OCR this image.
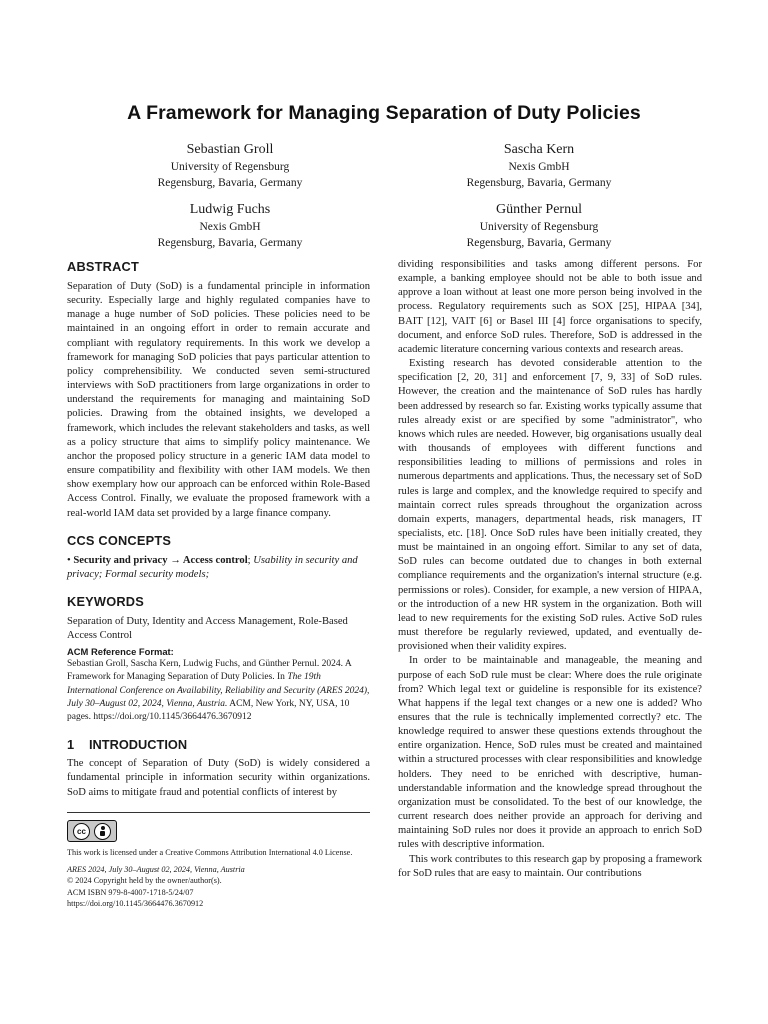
A Framework for Managing Separation of Duty Policies
Sebastian Groll
University of Regensburg
Regensburg, Bavaria, Germany
Sascha Kern
Nexis GmbH
Regensburg, Bavaria, Germany
Ludwig Fuchs
Nexis GmbH
Regensburg, Bavaria, Germany
Günther Pernul
University of Regensburg
Regensburg, Bavaria, Germany
ABSTRACT

Separation of Duty (SoD) is a fundamental principle in information security. Especially large and highly regulated companies have to manage a huge number of SoD policies. These policies need to be maintained in an ongoing effort in order to remain accurate and compliant with regulatory requirements. In this work we develop a framework for managing SoD policies that pays particular attention to policy comprehensibility. We conducted seven semi-structured interviews with SoD practitioners from large organizations in order to understand the requirements for managing and maintaining SoD policies. Drawing from the obtained insights, we developed a framework, which includes the relevant stakeholders and tasks, as well as a policy structure that aims to simplify policy maintenance. We anchor the proposed policy structure in a generic IAM data model to ensure compatibility and flexibility with other IAM models. We then show exemplary how our approach can be enforced within Role-Based Access Control. Finally, we evaluate the proposed framework with a real-world IAM data set provided by a large finance company.

CCS CONCEPTS

• Security and privacy → Access control; Usability in security and privacy; Formal security models;

KEYWORDS

Separation of Duty, Identity and Access Management, Role-Based Access Control

ACM Reference Format:

Sebastian Groll, Sascha Kern, Ludwig Fuchs, and Günther Pernul. 2024. A Framework for Managing Separation of Duty Policies. In The 19th International Conference on Availability, Reliability and Security (ARES 2024), July 30–August 02, 2024, Vienna, Austria. ACM, New York, NY, USA, 10 pages. https://doi.org/10.1145/3664476.3670912

1 INTRODUCTION

The concept of Separation of Duty (SoD) is widely considered a fundamental principle in information security within organizations. SoD aims to mitigate fraud and potential conflicts of interest by

cc
This work is licensed under a Creative Commons Attribution International 4.0 License.
ARES 2024, July 30–August 02, 2024, Vienna, Austria
© 2024 Copyright held by the owner/author(s).
ACM ISBN 979-8-4007-1718-5/24/07
https://doi.org/10.1145/3664476.3670912

dividing responsibilities and tasks among different persons. For example, a banking employee should not be able to both issue and approve a loan without at least one more person being involved in the process. Regulatory requirements such as SOX [25], HIPAA [34], BAIT [12], VAIT [6] or Basel III [4] force organisations to specify, document, and enforce SoD rules. Therefore, SoD is addressed in the academic literature concerning various contexts and research areas.

Existing research has devoted considerable attention to the specification [2, 20, 31] and enforcement [7, 9, 33] of SoD rules. However, the creation and the maintenance of SoD rules has hardly been addressed by research so far. Existing works typically assume that rules already exist or are specified by some "administrator", who knows which rules are needed. However, big organisations usually deal with thousands of employees with different functions and responsibilities leading to millions of permissions and roles in numerous departments and applications. Thus, the necessary set of SoD rules is large and complex, and the knowledge required to specify and maintain correct rules spreads throughout the organization across domain experts, managers, departmental heads, risk managers, IT specialists, etc. [18]. Once SoD rules have been initially created, they must be maintained in an ongoing effort. Similar to any set of data, SoD rules can become outdated due to changes in both external compliance requirements and the organization's internal structure (e.g. permissions or roles). Consider, for example, a new version of HIPAA, or the introduction of a new HR system in the organization. Both will lead to new requirements for the existing SoD rules. Active SoD rules must therefore be regularly reviewed, updated, and eventually de-provisioned when their validity expires.

In order to be maintainable and manageable, the meaning and purpose of each SoD rule must be clear: Where does the rule originate from? Which legal text or guideline is responsible for its existence? What happens if the legal text changes or a new one is added? Who ensures that the rule is technically implemented correctly? etc. The knowledge required to answer these questions extends throughout the entire organization. Hence, SoD rules must be created and maintained within a structured processes with clear responsibilities and knowledge holders. They need to be enriched with descriptive, human-understandable information and the knowledge spread throughout the organization must be consolidated. To the best of our knowledge, the current research does neither provide an approach for deriving and maintaining SoD rules nor does it provide an approach to enrich SoD rules with descriptive information.

This work contributes to this research gap by proposing a framework for SoD rules that are easy to maintain. Our contributions
